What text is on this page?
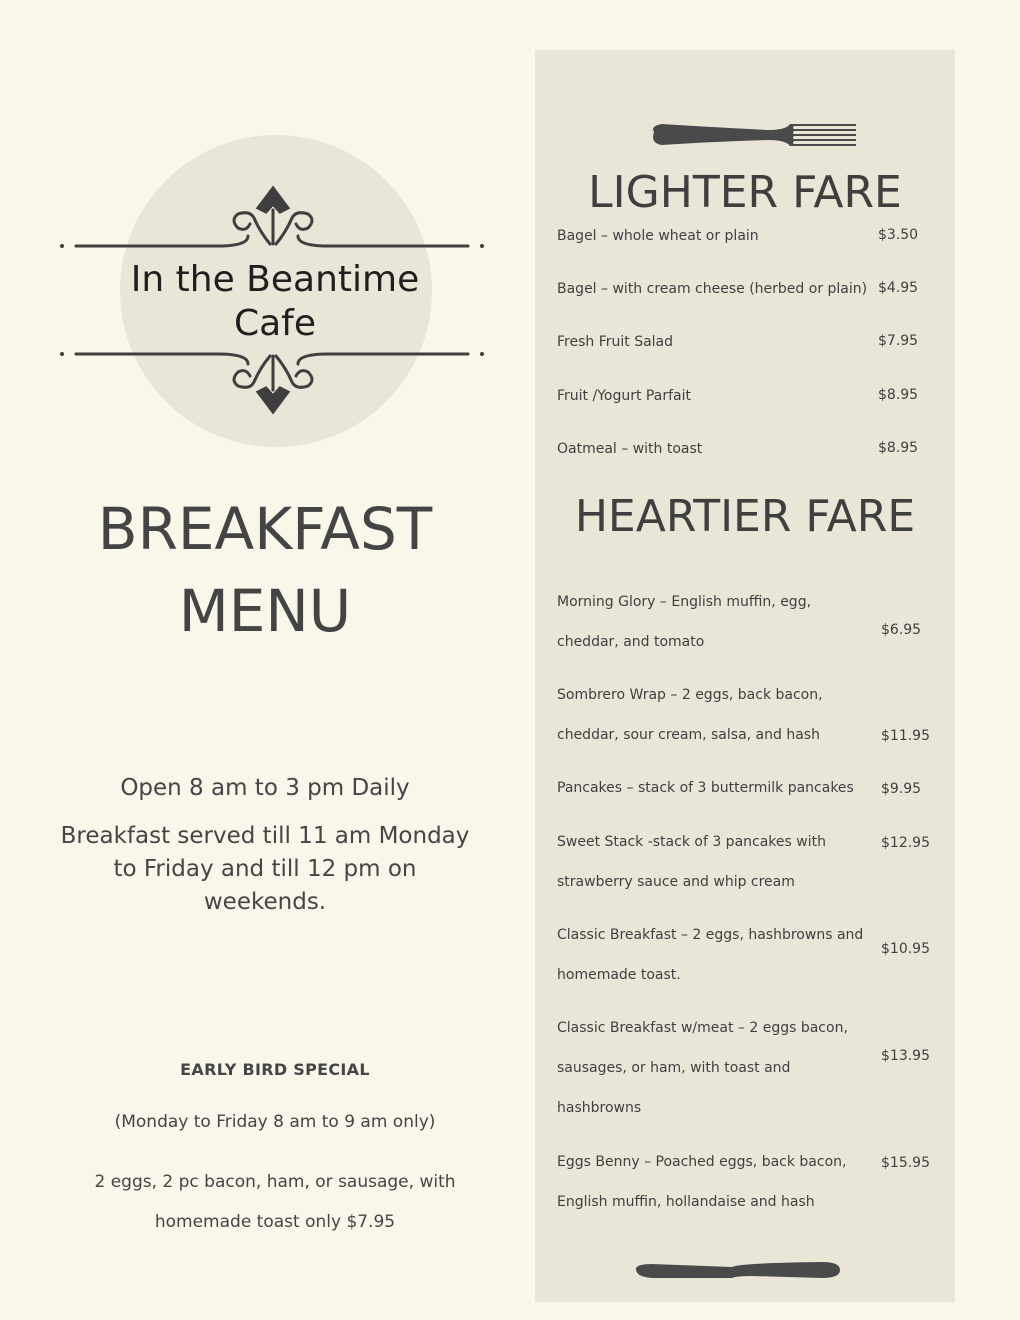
In the Beantime Cafe
BREAKFAST
MENU
Open 8 am to 3 pm Daily
Breakfast served till 11 am Monday to Friday and till 12 pm on weekends.
EARLY BIRD SPECIAL
(Monday to Friday 8 am to 9 am only)
2 eggs, 2 pc bacon, ham, or sausage, with homemade toast only $7.95
LIGHTER FARE
Bagel – whole wheat or plain	$3.50
Bagel – with cream cheese (herbed or plain) $4.95
Fresh Fruit Salad	$7.95
Fruit /Yogurt Parfait	$8.95
Oatmeal – with toast	$8.95
HEARTIER FARE
Morning Glory – English muffin, egg, cheddar, and tomato
$6.95
Sombrero Wrap – 2 eggs, back bacon, cheddar, sour cream, salsa, and hash	$11.95
Pancakes – stack of 3 buttermilk pancakes	$9.95
Sweet Stack -stack of 3 pancakes with strawberry sauce and whip cream
$12.95
Classic Breakfast – 2 eggs, hashbrowns and homemade toast.
$10.95
Classic Breakfast w/meat – 2 eggs bacon, sausages, or ham, with toast and hashbrowns
$13.95
Eggs Benny – Poached eggs, back bacon, English muffin, hollandaise and hash
$15.95
